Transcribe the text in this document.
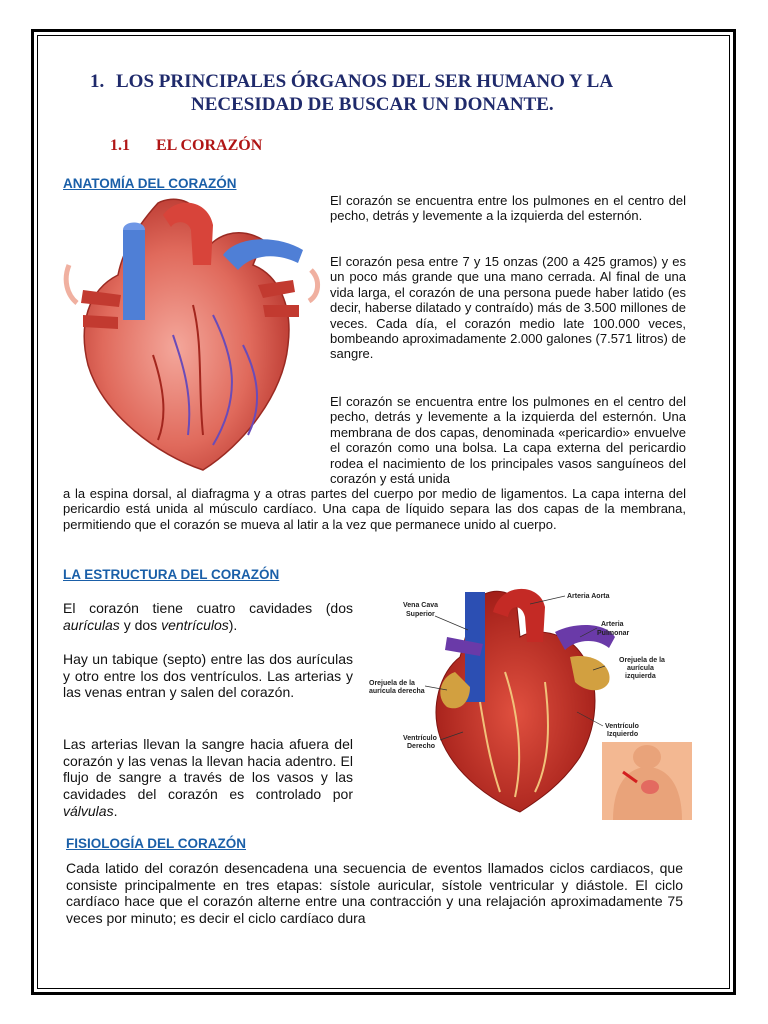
1. LOS PRINCIPALES ÓRGANOS DEL SER HUMANO Y LA
NECESIDAD DE BUSCAR UN DONANTE.
1.1 EL CORAZÓN
ANATOMÍA DEL CORAZÓN

El corazón se encuentra entre los pulmones en el centro del pecho, detrás y levemente a la izquierda del esternón.

El corazón pesa entre 7 y 15 onzas (200 a 425 gramos) y es un poco más grande que una mano cerrada. Al final de una vida larga, el corazón de una persona puede haber latido (es decir, haberse dilatado y contraído) más de 3.500 millones de veces. Cada día, el corazón medio late 100.000 veces, bombeando aproximadamente 2.000 galones (7.571 litros) de sangre.

El corazón se encuentra entre los pulmones en el centro del pecho, detrás y levemente a la izquierda del esternón. Una membrana de dos capas, denominada «pericardio» envuelve el corazón como una bolsa. La capa externa del pericardio rodea el nacimiento de los principales vasos sanguíneos del corazón y está unida

a la espina dorsal, al diafragma y a otras partes del cuerpo por medio de ligamentos. La capa interna del pericardio está unida al músculo cardíaco. Una capa de líquido separa las dos capas de la membrana, permitiendo que el corazón se mueva al latir a la vez que permanece unido al cuerpo.

LA ESTRUCTURA DEL CORAZÓN

El corazón tiene cuatro cavidades (dos aurículas y dos ventrículos).

Hay un tabique (septo) entre las dos aurículas y otro entre los dos ventrículos. Las arterias y las venas entran y salen del corazón.

Las arterias llevan la sangre hacia afuera del corazón y las venas la llevan hacia adentro. El flujo de sangre a través de los vasos y las cavidades del corazón es controlado por válvulas.

Vena Cava
Superior
Arteria Aorta
Arteria
Pulmonar
Orejuela de la
aurícula
izquierda
Orejuela de la
aurícula derecha
Ventrículo
Izquierdo
Ventrículo
Derecho
FISIOLOGÍA DEL CORAZÓN

Cada latido del corazón desencadena una secuencia de eventos llamados ciclos cardiacos, que consiste principalmente en tres etapas: sístole auricular, sístole ventricular y diástole. El ciclo cardíaco hace que el corazón alterne entre una contracción y una relajación aproximadamente 75 veces por minuto; es decir el ciclo cardíaco dura
